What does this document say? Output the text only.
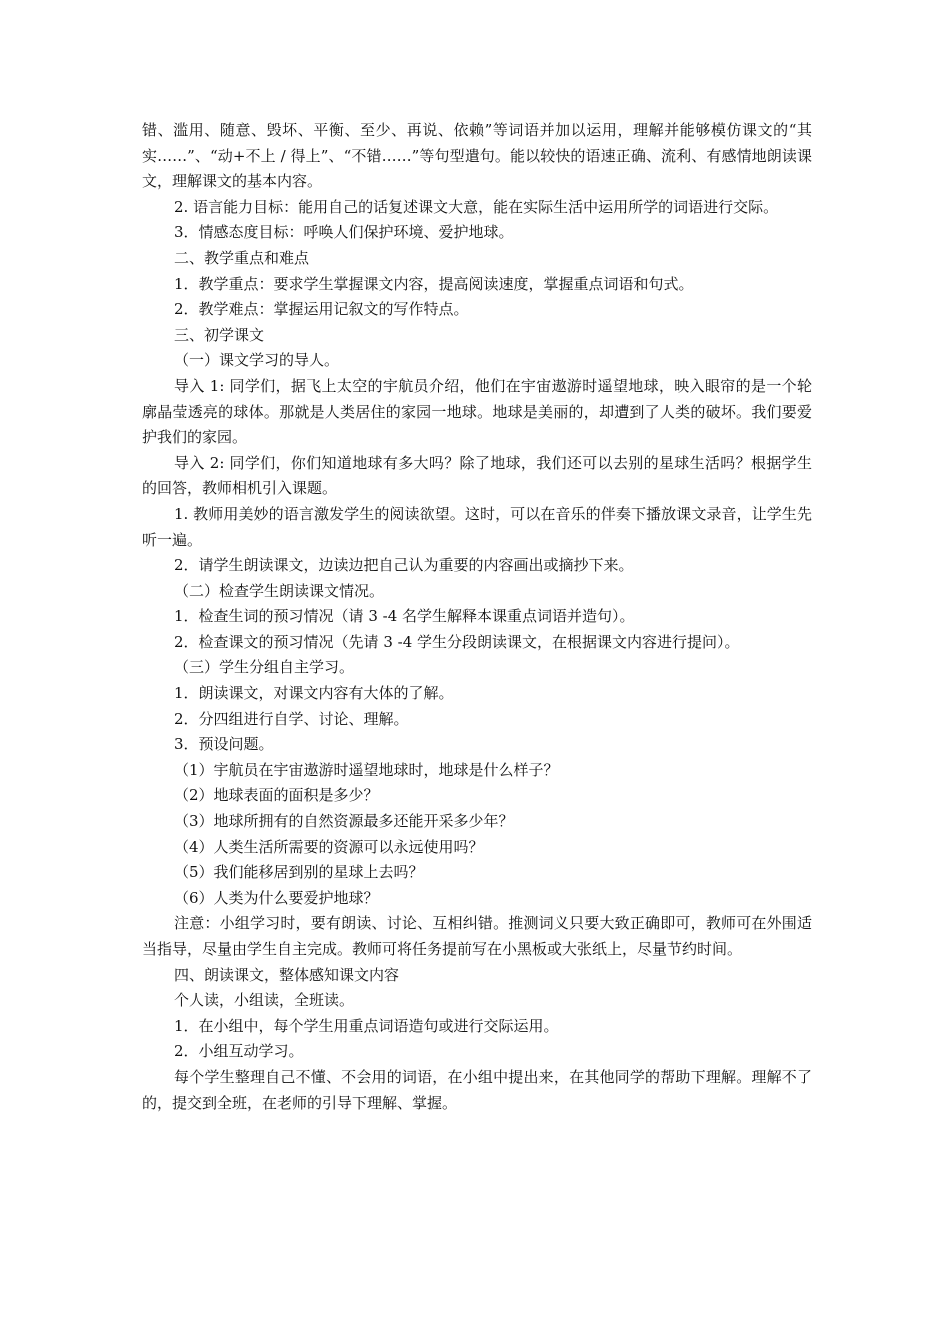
错、滥用、随意、毁坏、平衡、至少、再说、依赖”等词语并加以运用，理解并能够模仿课文的“其实……”、“动+不上 / 得上”、“不错……”等句型遣句。能以较快的语速正确、流利、有感情地朗读课文，理解课文的基本内容。

2. 语言能力目标：能用自己的话复述课文大意，能在实际生活中运用所学的词语进行交际。

3．情感态度目标：呼唤人们保护环境、爱护地球。

二、教学重点和难点

1．教学重点：要求学生掌握课文内容，提高阅读速度，掌握重点词语和句式。

2．教学难点：掌握运用记叙文的写作特点。

三、初学课文

（一）课文学习的导人。

导入 1: 同学们，据飞上太空的宇航员介绍，他们在宇宙遨游时遥望地球，映入眼帘的是一个轮廓晶莹透亮的球体。那就是人类居住的家园一地球。地球是美丽的，却遭到了人类的破坏。我们要爱护我们的家园。

导入 2: 同学们，你们知道地球有多大吗？除了地球，我们还可以去别的星球生活吗？根据学生的回答，教师相机引入课题。

1. 教师用美妙的语言激发学生的阅读欲望。这时，可以在音乐的伴奏下播放课文录音，让学生先听一遍。

2．请学生朗读课文，边读边把自己认为重要的内容画出或摘抄下来。

（二）检查学生朗读课文情况。

1．检查生词的预习情况（请 3 -4 名学生解释本课重点词语并造句）。

2．检查课文的预习情况（先请 3 -4 学生分段朗读课文，在根据课文内容进行提问）。

（三）学生分组自主学习。

1．朗读课文，对课文内容有大体的了解。

2．分四组进行自学、讨论、理解。

3．预设问题。

（1）宇航员在宇宙遨游时遥望地球时，地球是什么样子？

（2）地球表面的面积是多少？

（3）地球所拥有的自然资源最多还能开采多少年？

（4）人类生活所需要的资源可以永远使用吗？

（5）我们能移居到别的星球上去吗？

（6）人类为什么要爱护地球？

注意：小组学习时，要有朗读、讨论、互相纠错。推测词义只要大致正确即可，教师可在外围适当指导，尽量由学生自主完成。教师可将任务提前写在小黑板或大张纸上，尽量节约时间。

四、朗读课文，整体感知课文内容

个人读，小组读，全班读。

1．在小组中，每个学生用重点词语造句或进行交际运用。

2．小组互动学习。

每个学生整理自己不懂、不会用的词语，在小组中提出来，在其他同学的帮助下理解。理解不了的，提交到全班，在老师的引导下理解、掌握。
